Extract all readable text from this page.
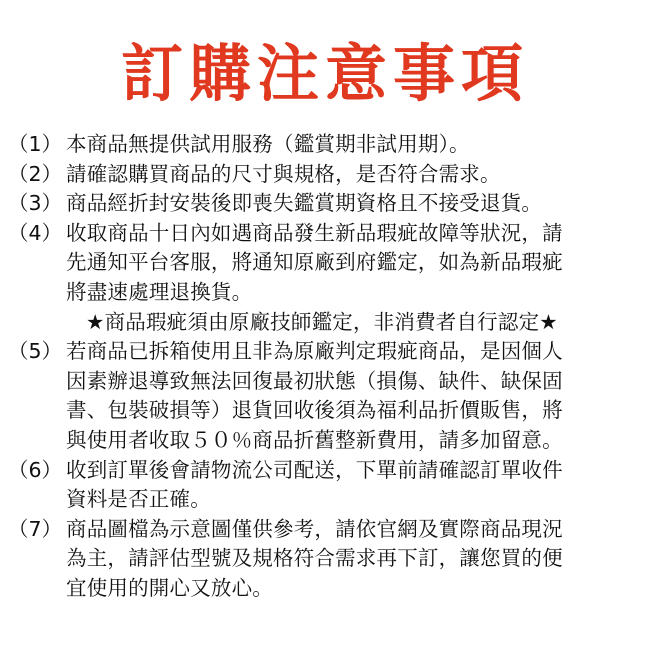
訂購注意事項
（1） 本商品無提供試用服務（鑑賞期非試用期）。
（2） 請確認購買商品的尺寸與規格，是否符合需求。
（3） 商品經折封安裝後即喪失鑑賞期資格且不接受退貨。
（4） 收取商品十日內如遇商品發生新品瑕疵故障等狀況，請
先通知平台客服，將通知原廠到府鑑定，如為新品瑕疵
將盡速處理退換貨。
★商品瑕疵須由原廠技師鑑定，非消費者自行認定★
（5） 若商品已拆箱使用且非為原廠判定瑕疵商品，是因個人
因素辦退導致無法回復最初狀態（損傷、缺件、缺保固
書、包裝破損等）退貨回收後須為福利品折價販售，將
與使用者收取５０％商品折舊整新費用，請多加留意。
（6） 收到訂單後會請物流公司配送，下單前請確認訂單收件
資料是否正確。
（7） 商品圖檔為示意圖僅供參考，請依官網及實際商品現況
為主，請評估型號及規格符合需求再下訂，讓您買的便
宜使用的開心又放心。
